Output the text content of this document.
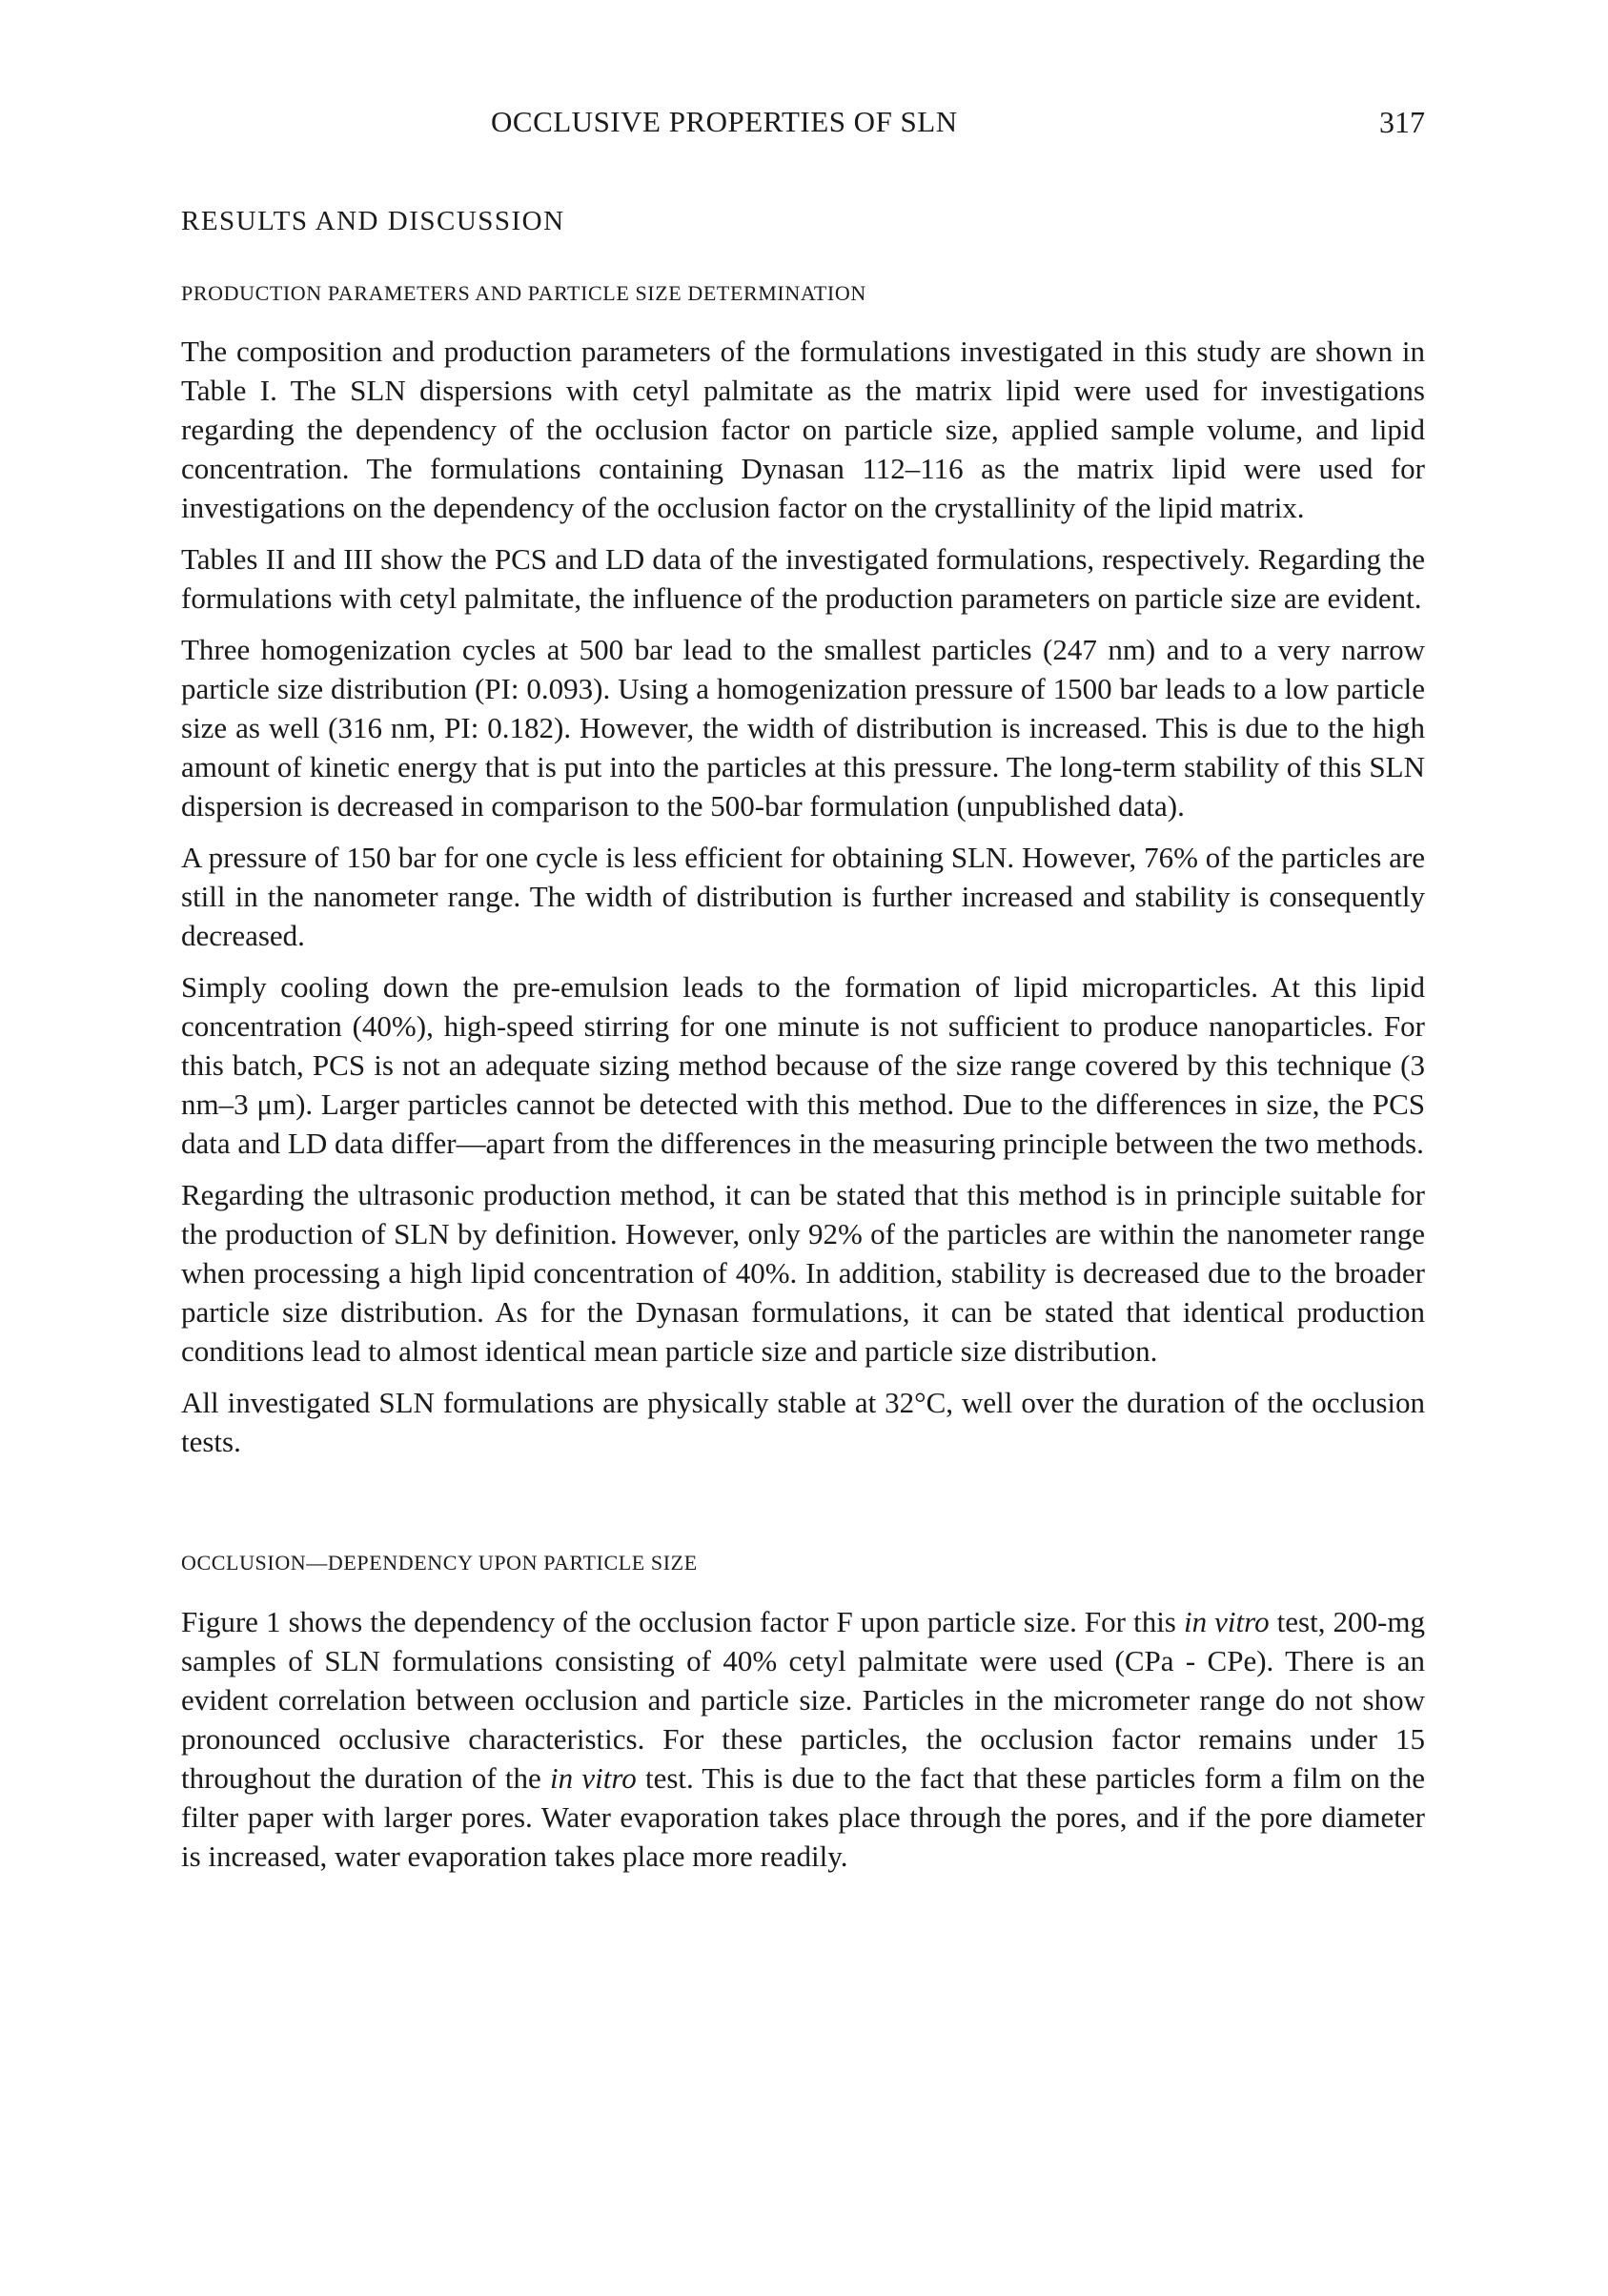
OCCLUSIVE PROPERTIES OF SLN	317
RESULTS AND DISCUSSION
PRODUCTION PARAMETERS AND PARTICLE SIZE DETERMINATION

The composition and production parameters of the formulations investigated in this study are shown in Table I. The SLN dispersions with cetyl palmitate as the matrix lipid were used for investigations regarding the dependency of the occlusion factor on particle size, applied sample volume, and lipid concentration. The formulations containing Dynasan 112–116 as the matrix lipid were used for investigations on the dependency of the occlusion factor on the crystallinity of the lipid matrix.

Tables II and III show the PCS and LD data of the investigated formulations, respectively. Regarding the formulations with cetyl palmitate, the influence of the production parameters on particle size are evident.

Three homogenization cycles at 500 bar lead to the smallest particles (247 nm) and to a very narrow particle size distribution (PI: 0.093). Using a homogenization pressure of 1500 bar leads to a low particle size as well (316 nm, PI: 0.182). However, the width of distribution is increased. This is due to the high amount of kinetic energy that is put into the particles at this pressure. The long-term stability of this SLN dispersion is decreased in comparison to the 500-bar formulation (unpublished data).

A pressure of 150 bar for one cycle is less efficient for obtaining SLN. However, 76% of the particles are still in the nanometer range. The width of distribution is further increased and stability is consequently decreased.

Simply cooling down the pre-emulsion leads to the formation of lipid microparticles. At this lipid concentration (40%), high-speed stirring for one minute is not sufficient to produce nanoparticles. For this batch, PCS is not an adequate sizing method because of the size range covered by this technique (3 nm–3 μm). Larger particles cannot be detected with this method. Due to the differences in size, the PCS data and LD data differ—apart from the differences in the measuring principle between the two methods.

Regarding the ultrasonic production method, it can be stated that this method is in principle suitable for the production of SLN by definition. However, only 92% of the particles are within the nanometer range when processing a high lipid concentration of 40%. In addition, stability is decreased due to the broader particle size distribution. As for the Dynasan formulations, it can be stated that identical production conditions lead to almost identical mean particle size and particle size distribution.

All investigated SLN formulations are physically stable at 32°C, well over the duration of the occlusion tests.

OCCLUSION—DEPENDENCY UPON PARTICLE SIZE

Figure 1 shows the dependency of the occlusion factor F upon particle size. For this in vitro test, 200-mg samples of SLN formulations consisting of 40% cetyl palmitate were used (CPa - CPe). There is an evident correlation between occlusion and particle size. Particles in the micrometer range do not show pronounced occlusive characteristics. For these particles, the occlusion factor remains under 15 throughout the duration of the in vitro test. This is due to the fact that these particles form a film on the filter paper with larger pores. Water evaporation takes place through the pores, and if the pore diameter is increased, water evaporation takes place more readily.
